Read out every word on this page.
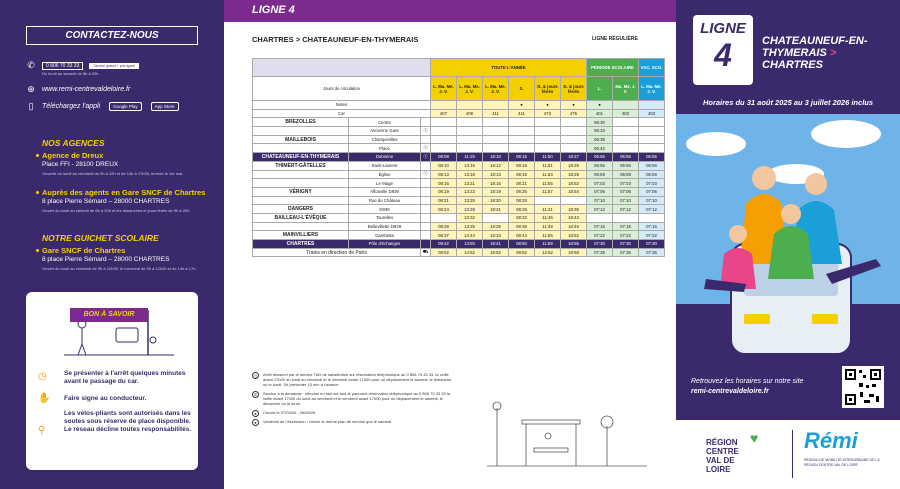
CONTACTEZ-NOUS
✆	0 806 70 33 33	Service gratuit + prix appel
Du lundi au samedi de 8h à 20h
⊕ www.remi-centrevaldeloire.fr
▯	Téléchargez l'appli	Google Play	App Store
NOS AGENCES
Agence de Dreux
Place FFI - 28100 DREUX
Ouverte du lundi au vendredi de 9h à 12h et de 14h à 17h30, fermée le 1er mai.
Auprès des agents en Gare SNCF de Chartres
8 place Pierre Sémard – 28000 CHARTRES
Ouvert du lundi au samedi de 6h à 20h et les dimanches et jours fériés de 9h à 20h.
NOTRE GUICHET SCOLAIRE
Gare SNCF de Chartres
8 place Pierre Sémard – 28000 CHARTRES
Ouvert du lundi au vendredi de 9h à 12h30, le mercredi de 9h à 12h30 et de 14h à 17h.
BON À SAVOIR
◷	Se présenter à l'arrêt quelques minutes avant le passage du car.
✋ Faire signe au conducteur.
⚲
Les vélos-pliants sont autorisés dans les soutes sous réserve de place disponible. Le réseau décline toutes responsabilités.
LIGNE 4
CHARTRES > CHATEAUNEUF-EN-THYMERAIS	LIGNE RÉGULIÈRE
			TOUTE L'ANNÉE						PÉRIODE SCOLAIRE		VAC. SCO.
Jours de circulation			L. Ma. Me. J. V.	L. Ma. Me. J. V.	L. Ma. Me. J. V.	S.	D. & jours fériés	D. & jours fériés	L.	Ma. Me. J. V.	L. Ma. Me. J. V.
Notes						●	●	●	●		
Car			407	409	411	411	473	475	401	403	403
BREZOLLES	Centre								06:30		
	Ancienne Gare	ⓢ							06:33		
MAILLEBOIS	Champevilles								06:38		
	Place	ⓢ							06:42		
CHATEAUNEUF-EN-THYMERAIS	Dubonne	ⓢ	08:08	11:15	18:10	08:15	11:50	18:27	06:55	06:55	06:55
THIMERT-GÂTELLES	Saint-Laurent		08:10	13:16	18:12	08:16	11:51	18:28	06:56	06:56	06:56
	Église	ⓢ	08:13	13:18	18:13	08:18	11:53	18:29	06:59	06:59	06:59
	Le Mage		08:16	13:21	18:16	08:21	11:55	18:52	07:03	07:03	07:03
VÉRIGNY	Affonville D939		08:19	13:23	18:19	08:25	11:57	18:54	07:06	07:06	07:06
	Rue du Château		08:21	13:25	18:20	08:25			07:10	07:10	07:10
DANGERS	D939		08:24	13:28	18:21	08:29	11:41	18:39	07:12	07:12	07:12
BAILLEAU-L'ÉVÊQUE	Tourelles			13:32		08:32	11:46	18:43			
	Bellevillette D939		08:29	13:35	18:25	08:36	11:48	18:45	07:15	07:15	07:15
MAINVILLIERS	Gambetta		08:37	13:44	18:34	08:44	11:55	18:52	07:22	07:22	07:22
CHARTRES	Pôle d'échanges		08:42	13:50	18:41	08:50	11:59	18:56	07:30	07:30	07:30
Trains en direction de Paris		⛟	08:52	14:52	18:52	08:52	12:52	19:58	07:35	07:35	07:35
◷	Arrêt desservi par le service TAD de substitution sur réservation téléphonique au 0 806 70 33 33, la veille avant 17h00 du lundi au vendredi et le vendredi avant 17h00 pour un déplacement le samedi, le dimanche ou le lundi. Se présenter 10 min à l'avance.
✆	Service à la demande : effectué en taxi sur tout le parcours réservation téléphonique au 0 806 70 33 33 la veille avant 17h00 du lundi au vendredi et le vendredi avant 17h00 pour un déplacement le samedi, le dimanche ou le lundi.
●	Circule le 07/04/26 ; 26/05/26
●	Vendredi de l'Ascension : circule le même plan de service que le samedi.
LIGNE
4	CHATEAUNEUF-EN-THYMERAIS >
CHARTRES
Horaires du 31 août 2025 au 3 juillet 2026 inclus
Retrouvez les horaires sur notre site
remi-centrevaldeloire.fr
RÉGION CENTRE VAL DE LOIRE
♥ Rémi
RÉSEAU DE MOBILITÉ INTERURBAINE DE LA RÉGION CENTRE-VAL DE LOIRE
